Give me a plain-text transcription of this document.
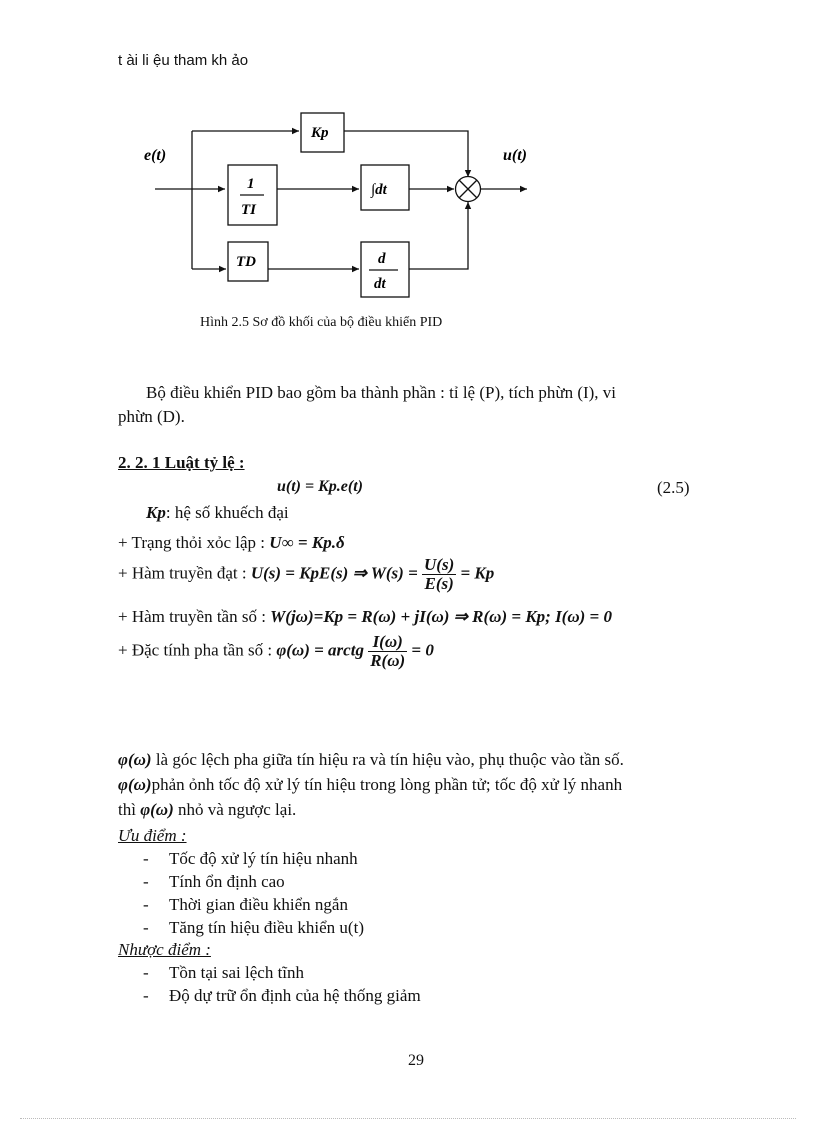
t ài li ệu tham kh ảo
e(t)	u(t)
Kp
1
TI
TD
∫dt
d
dt
Hình 2.5 Sơ đồ khối của bộ điều khiển PID
Bộ điều khiển PID bao gồm ba thành phần : tỉ lệ (P), tích phừn (I), vi
phừn (D).
2. 2. 1 Luật tỷ lệ :
u(t) = Kp.e(t)	(2.5)
Kp: hệ số khuếch đại
+ Trạng thỏi xỏc lập : U∞ = Kp.δ
+ Hàm truyền đạt : U(s) = KpE(s) ⇒ $W(s) = \frac{U(s)}{E(s)} = Kp$
+ Hàm truyền tần số : W(jω)=Kp = R(ω) + jI(ω) ⇒ R(ω) = Kp; I(ω) = 0
+ Đặc tính pha tần số : φ(ω) = arctg $\frac{I(\omega)}{R(\omega)} = 0$
φ(ω) là góc lệch pha giữa tín hiệu ra và tín hiệu vào, phụ thuộc vào tần số.
φ(ω)phản ỏnh tốc độ xử lý tín hiệu trong lòng phần tử; tốc độ xử lý nhanh
thì φ(ω) nhỏ và ngược lại.
Ưu điểm :
- Tốc độ xử lý tín hiệu nhanh
- Tính ổn định cao
- Thời gian điều khiển ngắn
- Tăng tín hiệu điều khiển u(t)
Nhược điểm :
- Tồn tại sai lệch tĩnh
- Độ dự trữ ổn định của hệ thống giảm
29
